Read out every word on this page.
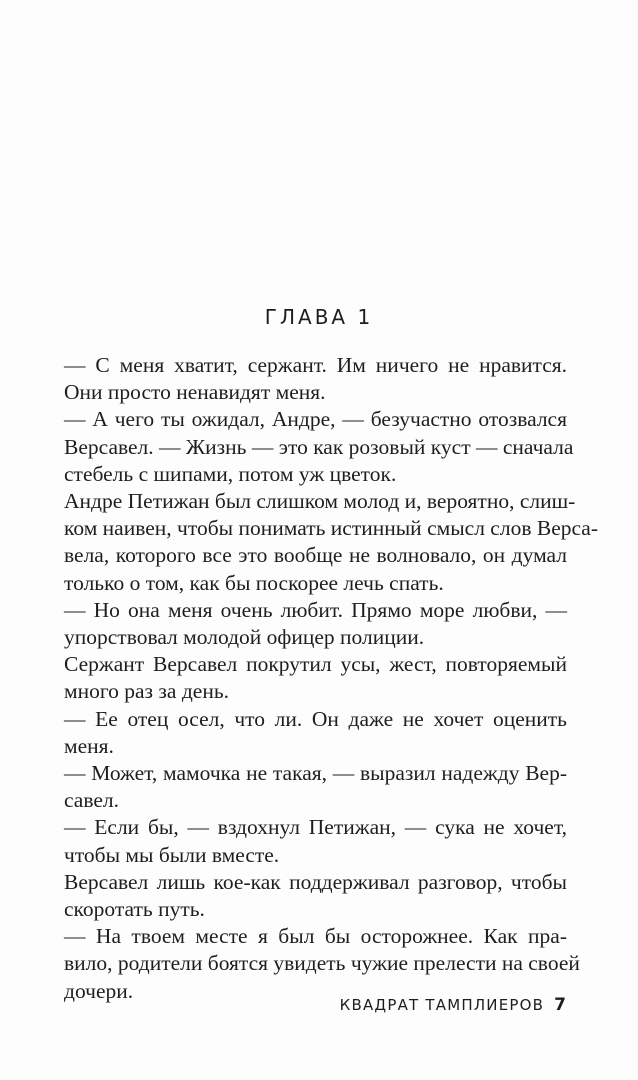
ГЛАВА 1

— С меня хватит, сержант. Им ничего не нравится.
Они просто ненавидят меня.

— А чего ты ожидал, Андре, — безучастно отозвался
Версавел. — Жизнь — это как розовый куст — сначала
стебель с шипами, потом уж цветок.

Андре Петижан был слишком молод и, вероятно, слиш-
ком наивен, чтобы понимать истинный смысл слов Верса-
вела, которого все это вообще не волновало, он думал
только о том, как бы поскорее лечь спать.

— Но она меня очень любит. Прямо море любви, —
упорствовал молодой офицер полиции.

Сержант Версавел покрутил усы, жест, повторяемый
много раз за день.

— Ее отец осел, что ли. Он даже не хочет оценить
меня.

— Может, мамочка не такая, — выразил надежду Вер-
савел.

— Если бы, — вздохнул Петижан, — сука не хочет,
чтобы мы были вместе.

Версавел лишь кое-как поддерживал разговор, чтобы
скоротать путь.

— На твоем месте я был бы осторожнее. Как пра-
вило, родители боятся увидеть чужие прелести на своей
дочери.

КВАДРАТ ТАМПЛИЕРОВ 7
